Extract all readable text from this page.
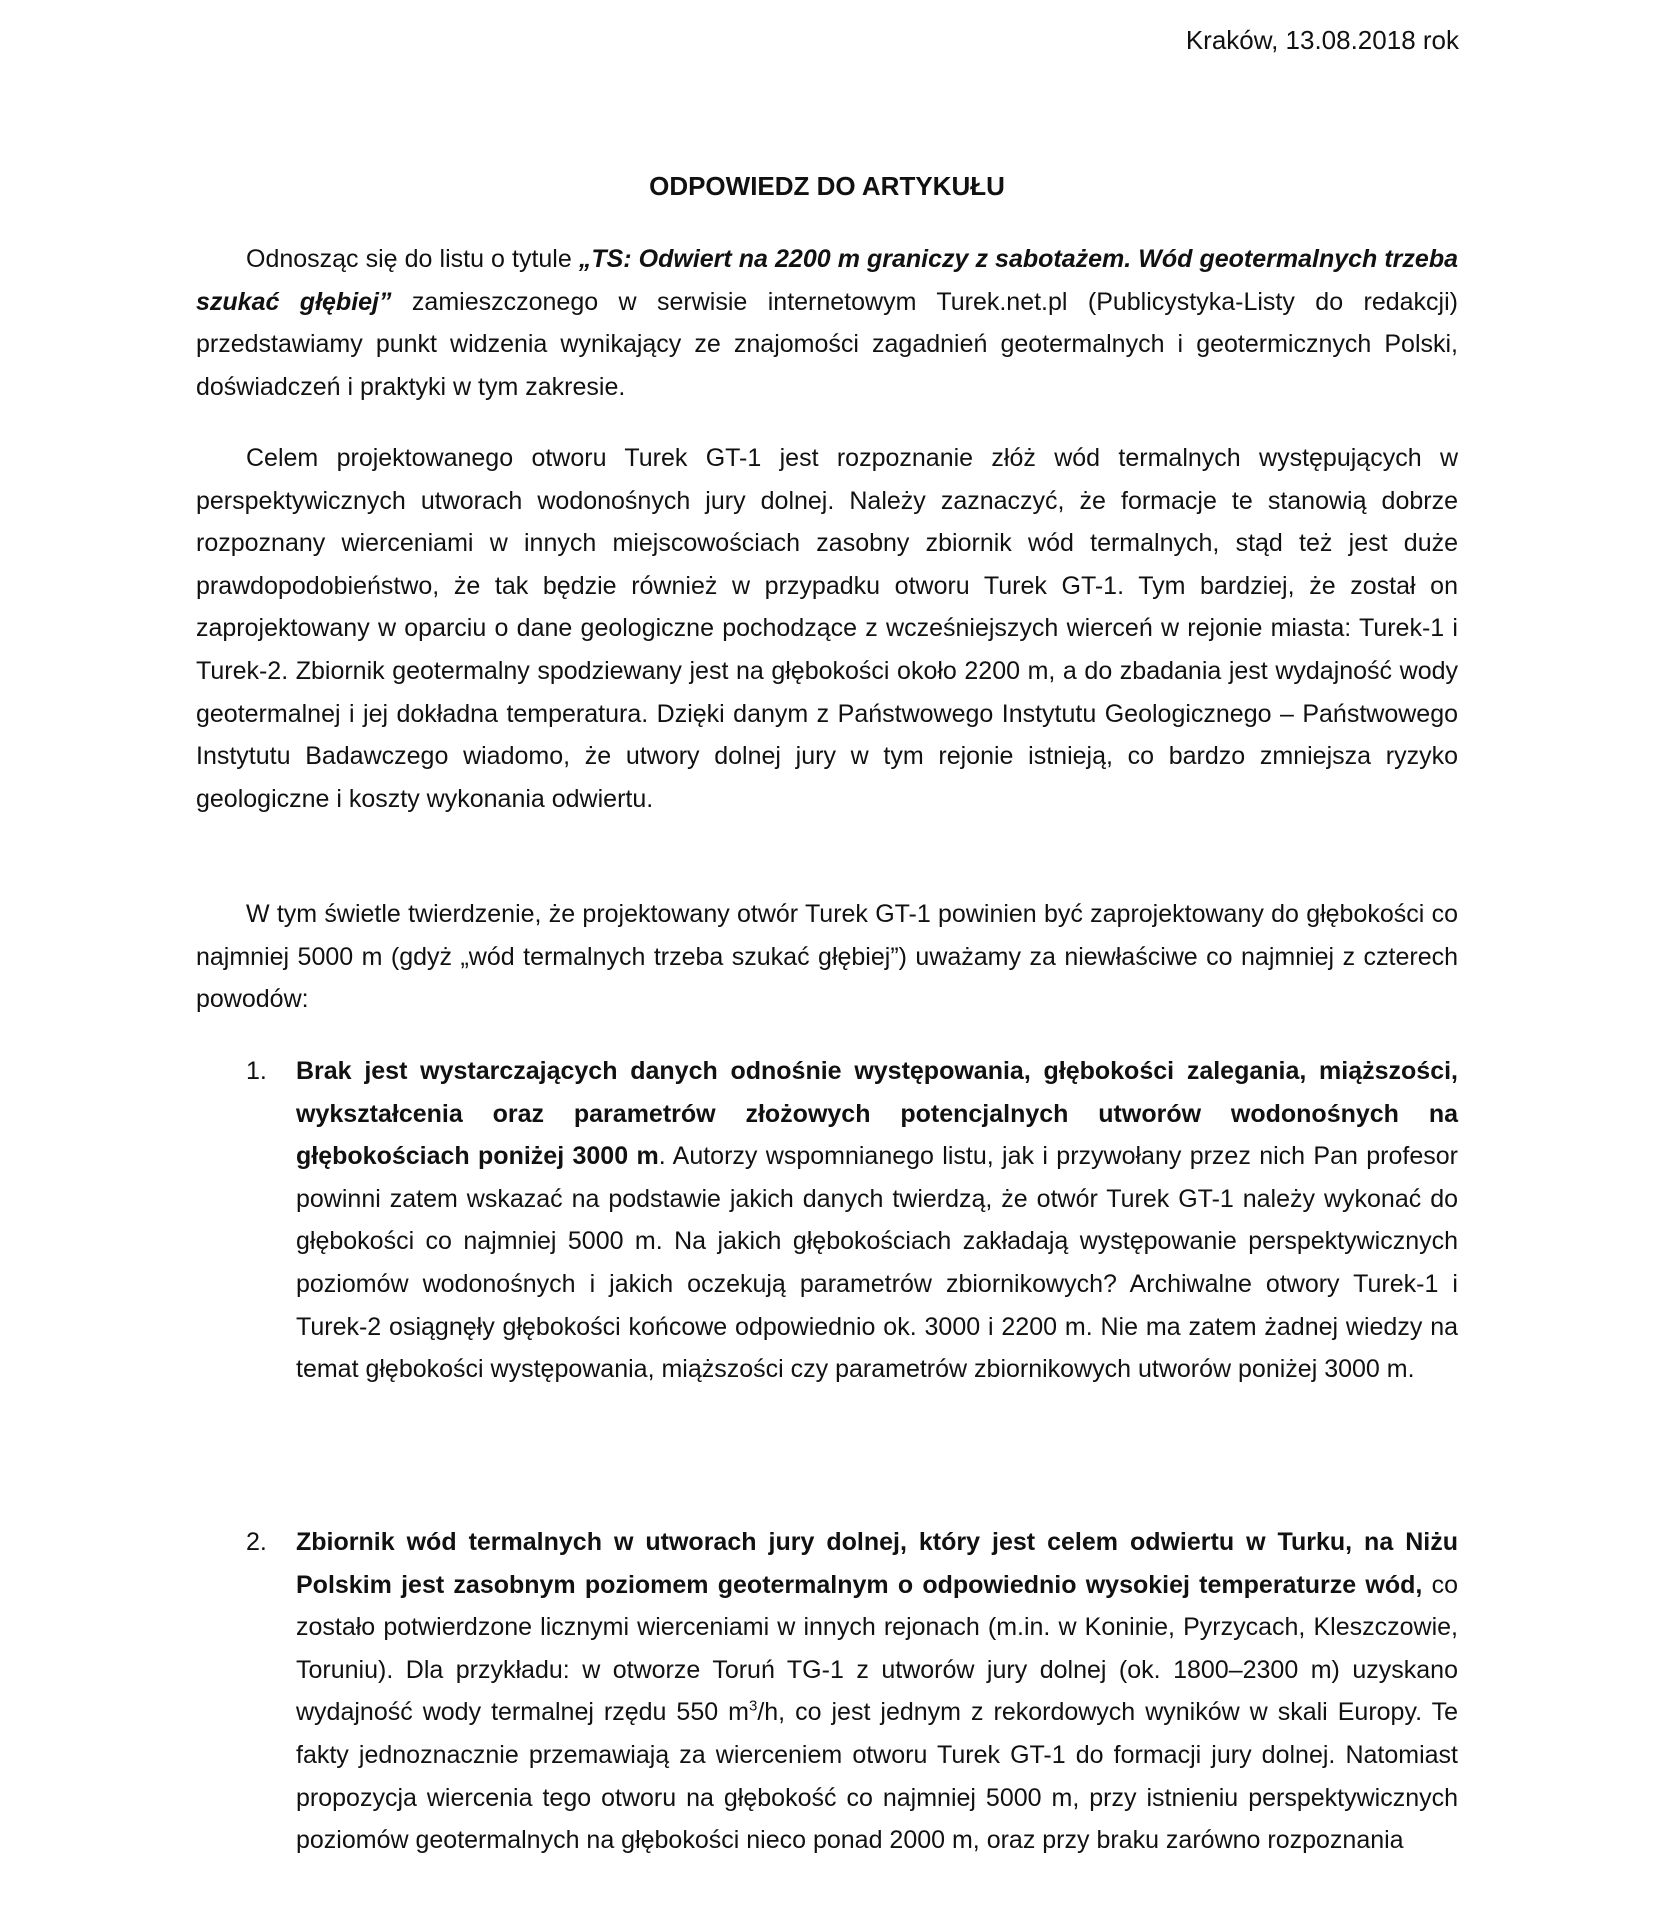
Kraków, 13.08.2018 rok
ODPOWIEDZ DO ARTYKUŁU

Odnosząc się do listu o tytule „TS: Odwiert na 2200 m graniczy z sabotażem. Wód geotermalnych trzeba szukać głębiej” zamieszczonego w serwisie internetowym Turek.net.pl (Publicystyka-Listy do redakcji) przedstawiamy punkt widzenia wynikający ze znajomości zagadnień geotermalnych i geotermicznych Polski, doświadczeń i praktyki w tym zakresie.

Celem projektowanego otworu Turek GT-1 jest rozpoznanie złóż wód termalnych występujących w perspektywicznych utworach wodonośnych jury dolnej. Należy zaznaczyć, że formacje te stanowią dobrze rozpoznany wierceniami w innych miejscowościach zasobny zbiornik wód termalnych, stąd też jest duże prawdopodobieństwo, że tak będzie również w przypadku otworu Turek GT-1. Tym bardziej, że został on zaprojektowany w oparciu o dane geologiczne pochodzące z wcześniejszych wierceń w rejonie miasta: Turek-1 i Turek-2. Zbiornik geotermalny spodziewany jest na głębokości około 2200 m, a do zbadania jest wydajność wody geotermalnej i jej dokładna temperatura. Dzięki danym z Państwowego Instytutu Geologicznego – Państwowego Instytutu Badawczego wiadomo, że utwory dolnej jury w tym rejonie istnieją, co bardzo zmniejsza ryzyko geologiczne i koszty wykonania odwiertu.

W tym świetle twierdzenie, że projektowany otwór Turek GT-1 powinien być zaprojektowany do głębokości co najmniej 5000 m (gdyż „wód termalnych trzeba szukać głębiej”) uważamy za niewłaściwe co najmniej z czterech powodów:

1. Brak jest wystarczających danych odnośnie występowania, głębokości zalegania, miąższości, wykształcenia oraz parametrów złożowych potencjalnych utworów wodonośnych na głębokościach poniżej 3000 m. Autorzy wspomnianego listu, jak i przywołany przez nich Pan profesor powinni zatem wskazać na podstawie jakich danych twierdzą, że otwór Turek GT-1 należy wykonać do głębokości co najmniej 5000 m. Na jakich głębokościach zakładają występowanie perspektywicznych poziomów wodonośnych i jakich oczekują parametrów zbiornikowych? Archiwalne otwory Turek-1 i Turek-2 osiągnęły głębokości końcowe odpowiednio ok. 3000 i 2200 m. Nie ma zatem żadnej wiedzy na temat głębokości występowania, miąższości czy parametrów zbiornikowych utworów poniżej 3000 m.
2. Zbiornik wód termalnych w utworach jury dolnej, który jest celem odwiertu w Turku, na Niżu Polskim jest zasobnym poziomem geotermalnym o odpowiednio wysokiej temperaturze wód, co zostało potwierdzone licznymi wierceniami w innych rejonach (m.in. w Koninie, Pyrzycach, Kleszczowie, Toruniu). Dla przykładu: w otworze Toruń TG-1 z utworów jury dolnej (ok. 1800–2300 m) uzyskano wydajność wody termalnej rzędu 550 $m^3/h$, co jest jednym z rekordowych wyników w skali Europy. Te fakty jednoznacznie przemawiają za wierceniem otworu Turek GT-1 do formacji jury dolnej. Natomiast propozycja wiercenia tego otworu na głębokość co najmniej 5000 m, przy istnieniu perspektywicznych poziomów geotermalnych na głębokości nieco ponad 2000 m, oraz przy braku zarówno rozpoznania
